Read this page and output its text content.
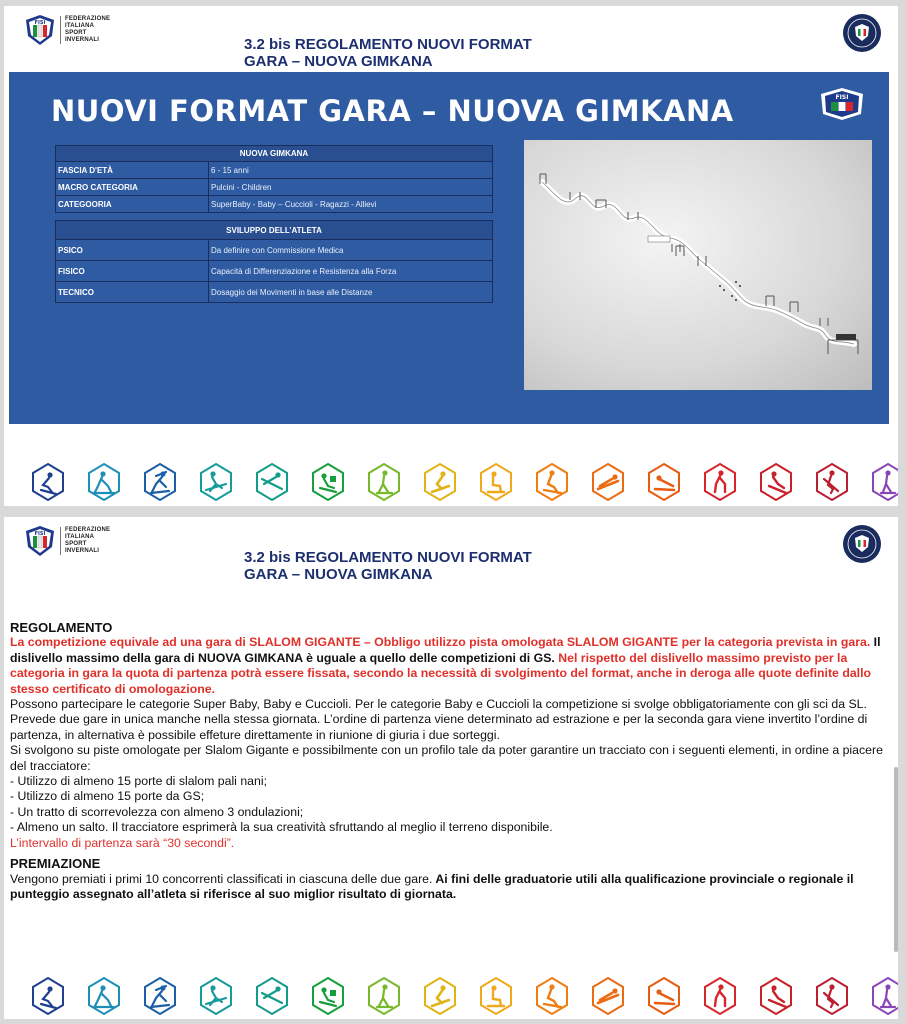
FISI
FEDERAZIONE
ITALIANA
SPORT
INVERNALI	3.2 bis REGOLAMENTO NUOVI FORMAT
GARA – NUOVA GIMKANA
NUOVI FORMAT GARA – NUOVA GIMKANA	FISI
NUOVA GIMKANA
FASCIA D'ETÀ	6 - 15 anni
MACRO CATEGORIA	Pulcini - Children
CATEGOORIA	SuperBaby - Baby – Cuccioli - Ragazzi - Allievi
SVILUPPO DELL’ATLETA
PSICO	Da definire con Commissione Medica
FISICO	Capacità di Differenziazione e Resistenza alla Forza
TECNICO	Dosaggio dei Movimenti in base alle Distanze
FISI
FEDERAZIONE
ITALIANA
SPORT
INVERNALI	3.2 bis REGOLAMENTO NUOVI FORMAT
GARA – NUOVA GIMKANA

REGOLAMENTO

La competizione equivale ad una gara di SLALOM GIGANTE – Obbligo utilizzo pista omologata SLALOM GIGANTE per la categoria prevista in gara. Il dislivello massimo della gara di NUOVA GIMKANA è uguale a quello delle competizioni di GS. Nel rispetto del dislivello massimo previsto per la categoria in gara la quota di partenza potrà essere fissata, secondo la necessità di svolgimento del format, anche in deroga alle quote definite dallo stesso certificato di omologazione.

Possono partecipare le categorie Super Baby, Baby e Cuccioli. Per le categorie Baby e Cuccioli la competizione si svolge obbligatoriamente con gli sci da SL.

Prevede due gare in unica manche nella stessa giornata. L’ordine di partenza viene determinato ad estrazione e per la seconda gara viene invertito l’ordine di partenza, in alternativa è possibile effeture direttamente in riunione di giuria i due sorteggi.

Si svolgono su piste omologate per Slalom Gigante e possibilmente con un profilo tale da poter garantire un tracciato con i seguenti elementi, in ordine a piacere del tracciatore:

- Utilizzo di almeno 15 porte di slalom pali nani;

- Utilizzo di almeno 15 porte da GS;

- Un tratto di scorrevolezza con almeno 3 ondulazioni;

- Almeno un salto. Il tracciatore esprimerà la sua creatività sfruttando al meglio il terreno disponibile.

L’intervallo di partenza sarà “30 secondi”.

PREMIAZIONE

Vengono premiati i primi 10 concorrenti classificati in ciascuna delle due gare. Ai fini delle graduatorie utili alla qualificazione provinciale o regionale il punteggio assegnato all’atleta si riferisce al suo miglior risultato di giornata.
